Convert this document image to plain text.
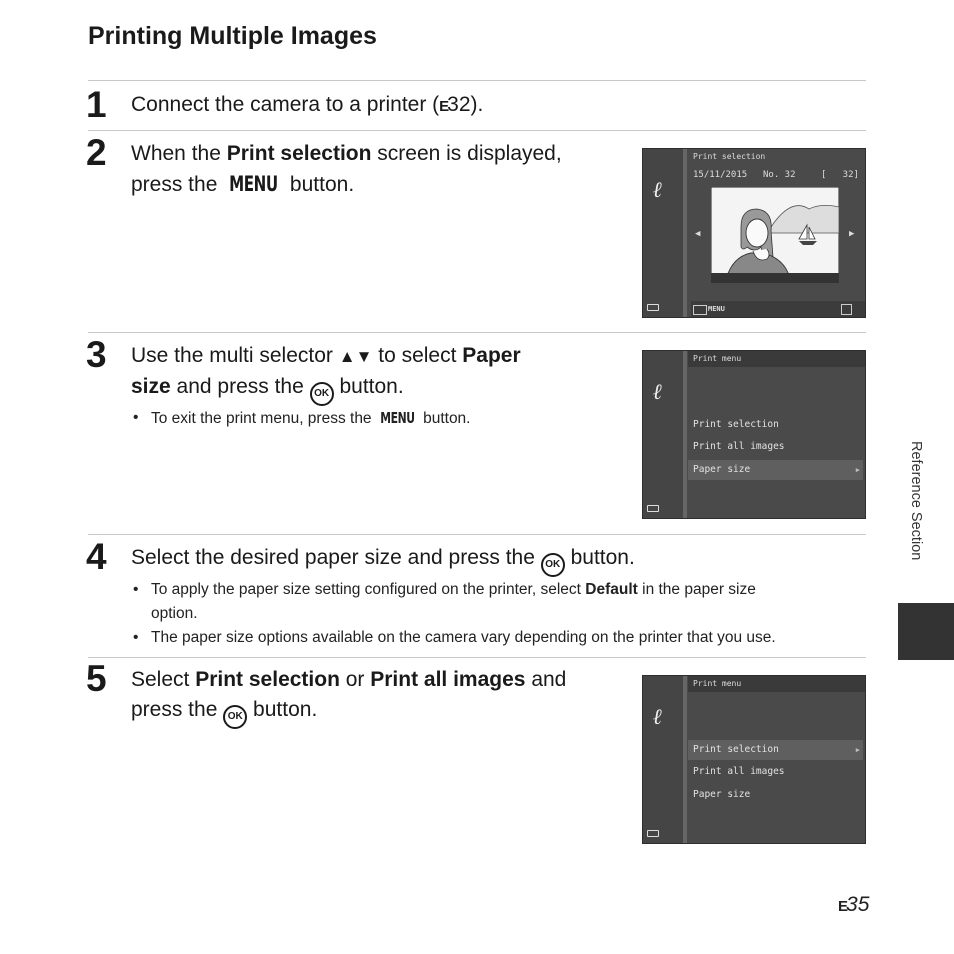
Printing Multiple Images
1 Connect the camera to a printer (E32).
2 When the Print selection screen is displayed,
press the MENU button.	ℓ
Print selection
15/11/2015 No. 32	[   32]
◀	▶
MENU
3 Use the multi selector ▲▼ to select Paper
size and press the OK button.
• To exit the print menu, press the MENU button.
ℓ
Print menu
Print selection
Print all images
Paper size	▶
4 Select the desired paper size and press the OK button.
• To apply the paper size setting configured on the printer, select Default in the paper size
option.
• The paper size options available on the camera vary depending on the printer that you use.
5 Select Print selection or Print all images and
press the OK button.	ℓ
Print menu
Print selection	▶
Print all images
Paper size
Reference Section
E35
